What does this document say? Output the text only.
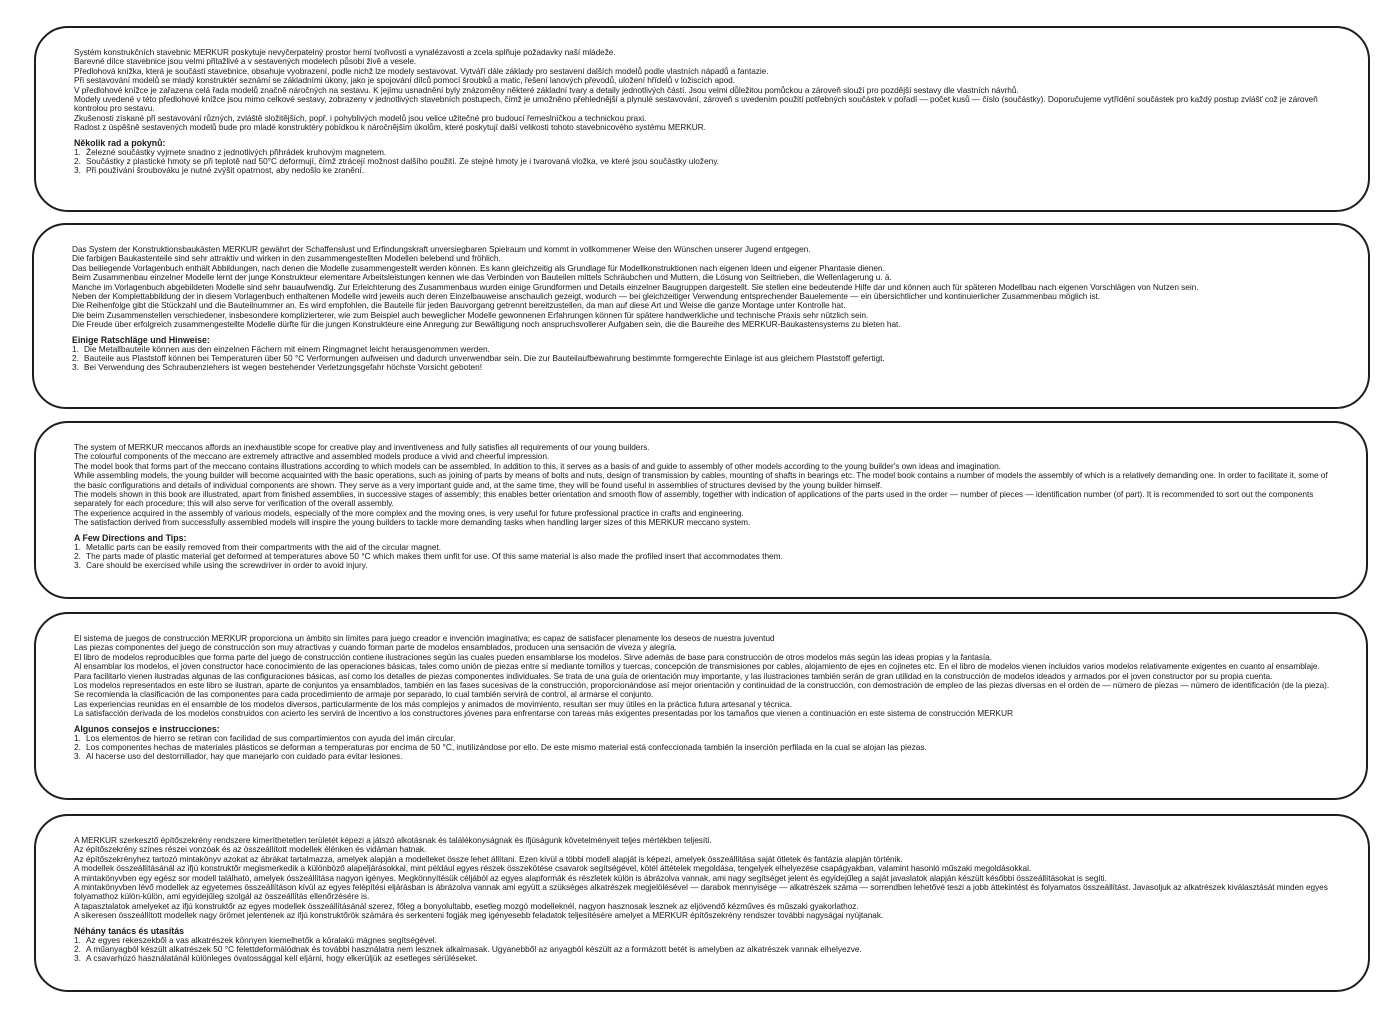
Systém konstrukčních stavebnic MERKUR poskytuje nevyčerpatelný prostor herní tvořivosti a vynalézavosti a zcela splňuje požadavky naší mládeže.

Barevné dílce stavebnice jsou velmi přitažlivé a v sestavených modelech působí živě a vesele.

Předlohová knížka, která je součástí stavebnice, obsahuje vyobrazení, podle nichž lze modely sestavovat. Vytváří dále základy pro sestavení dalších modelů podle vlastních nápadů a fantazie.

Při sestavování modelů se mladý konstruktér seznámí se základními úkony, jako je spojování dílců pomocí šroubků a matic, řešení lanových převodů, uložení hřídelů v ložiscích apod.

V předlohové knížce je zařazena celá řada modelů značně náročných na sestavu. K jejímu usnadnění byly znázorněny některé základní tvary a detaily jednotlivých částí. Jsou velmi důležitou pomůckou a zároveň slouží pro pozdější sestavy dle vlastních návrhů.

Modely uvedené v této předlohové knížce jsou mimo celkové sestavy, zobrazeny v jednotlivých stavebních postupech, čímž je umožněno přehlednější a plynulé sestavování, zároveň s uvedením použití potřebných součástek v pořadí — počet kusů — číslo (součástky). Doporučujeme vytřídění součástek pro každý postup zvlášť což je zároveň kontrolou pro sestavu.

Zkušenosti získané při sestavování různých, zvláště složitějších, popř. i pohyblivých modelů jsou velice užitečné pro budoucí řemeslníčkou a technickou praxi.

Radost z úspěšně sestavených modelů bude pro mladé konstruktéry pobídkou k náročnějším úkolům, které poskytují další velikosti tohoto stavebnicového systému MERKUR.

Několik rad a pokynů:

1. Železné součástky vyjmete snadno z jednotlivých přihrádek kruhovým magnetem.

2. Součástky z plastické hmoty se při teplotě nad 50°C deformují, čímž ztrácejí možnost dalšího použití. Ze stejné hmoty je i tvarovaná vložka, ve které jsou součástky uloženy.

3. Při používání šroubováku je nutné zvýšit opatrnost, aby nedošlo ke zranění.

Das System der Konstruktionsbaukästen MERKUR gewährt der Schaffenslust und Erfindungskraft unversiegbaren Spielraum und kommt in vollkommener Weise den Wünschen unserer Jugend entgegen.

Die farbigen Baukastenteile sind sehr attraktiv und wirken in den zusammengestellten Modellen belebend und fröhlich.

Das beiliegende Vorlagenbuch enthält Abbildungen, nach denen die Modelle zusammengestellt werden können. Es kann gleichzeitig als Grundlage für Modellkonstruktionen nach eigenen Ideen und eigener Phantasie dienen.

Beim Zusammenbau einzelner Modelle lernt der junge Konstrukteur elementare Arbeitsleistungen kennen wie das Verbinden von Bauteilen mittels Schräubchen und Muttern, die Lösung von Seiltrieben, die Wellenlagerung u. ä.

Manche im Vorlagenbuch abgebildeten Modelle sind sehr bauaufwendig. Zur Erleichterung des Zusammenbaus wurden einige Grundformen und Details einzelner Baugruppen dargestellt. Sie stellen eine bedeutende Hilfe dar und können auch für späteren Modellbau nach eigenen Vorschlägen von Nutzen sein.

Neben der Komplettabbildung der in diesem Vorlagenbuch enthaltenen Modelle wird jeweils auch deren Einzelbauweise anschaulich gezeigt, wodurch — bei gleichzeitiger Verwendung entsprechender Bauelemente — ein übersichtlicher und kontinuierlicher Zusammenbau möglich ist.

Die Reihenfolge gibt die Stückzahl und die Bauteilnummer an. Es wird empfohlen, die Bauteile für jeden Bauvorgang getrennt bereitzustellen, da man auf diese Art und Weise die ganze Montage unter Kontrolle hat.

Die beim Zusammenstellen verschiedener, insbesondere komplizierterer, wie zum Beispiel auch beweglicher Modelle gewonnenen Erfahrungen können für spätere handwerkliche und technische Praxis sehr nützlich sein.

Die Freude über erfolgreich zusammengestellte Modelle dürfte für die jungen Konstrukteure eine Anregung zur Bewältigung noch anspruchsvollerer Aufgaben sein, die die Baureihe des MERKUR-Baukastensystems zu bieten hat.

Einige Ratschläge und Hinweise:

1. Die Metallbauteile können aus den einzelnen Fächern mit einem Ringmagnet leicht herausgenommen werden.

2. Bauteile aus Plaststoff können bei Temperaturen über 50 °C Verformungen aufweisen und dadurch unverwendbar sein. Die zur Bauteilaufbewahrung bestimmte formgerechte Einlage ist aus gleichem Plaststoff gefertigt.

3. Bei Verwendung des Schraubenziehers ist wegen bestehender Verletzungsgefahr höchste Vorsicht geboten!

The system of MERKUR meccanos affords an inexhaustible scope for creative play and inventiveness and fully satisfies all requirements of our young builders.

The colourful components of the meccano are extremely attractive and assembled models produce a vivid and cheerful impression.

The model book that forms part of the meccano contains illustrations according to which models can be assembled. In addition to this, it serves as a basis of and guide to assembly of other models according to the young builder's own ideas and imagination.

While assembling models, the young builder will become acquainted with the basic operations, such as joining of parts by means of bolts and nuts, design of transmission by cables, mounting of shafts in bearings etc. The model book contains a number of models the assembly of which is a relatively demanding one. In order to facilitate it, some of the basic configurations and details of individual components are shown. They serve as a very important guide and, at the same time, they will be found useful in assemblies of structures devised by the young builder himself.

The models shown in this book are illustrated, apart from finished assemblies, in successive stages of assembly; this enables better orientation and smooth flow of assembly, together with indication of applications of the parts used in the order — number of pieces — identification number (of part). It is recommended to sort out the components separately for each procedure; this will also serve for verification of the overall assembly.

The experience acquired in the assembly of various models, especially of the more complex and the moving ones, is very useful for future professional practice in crafts and engineering.

The satisfaction derived from successfully assembled models will inspire the young builders to tackle more demanding tasks when handling larger sizes of this MERKUR meccano system.

A Few Directions and Tips:

1. Metallic parts can be easily removed from their compartments with the aid of the circular magnet.

2. The parts made of plastic material get deformed at temperatures above 50 °C which makes them unfit for use. Of this same material is also made the profiled insert that accommodates them.

3. Care should be exercised while using the screwdriver in order to avoid injury.

El sistema de juegos de construcción MERKUR proporciona un ámbito sin límites para juego creador e invención imaginativa; es capaz de satisfacer plenamente los deseos de nuestra juventud

Las piezas componentes del juego de construcción son muy atractivas y cuando forman parte de modelos ensamblados, producen una sensación de viveza y alegría.

El libro de modelos reproducibles que forma parte del juego de construcción contiene ilustraciones según las cuales pueden ensamblarse los modelos. Sirve además de base para construcción de otros modelos más según las ideas propias y la fantasía.

Al ensamblar los modelos, el joven constructor hace conocimiento de las operaciones básicas, tales como unión de piezas entre sí mediante tornillos y tuercas, concepción de transmisiones por cables, alojamiento de ejes en cojinetes etc. En el libro de modelos vienen incluidos varios modelos relativamente exigentes en cuanto al ensamblaje. Para facilitarlo vienen ilustradas algunas de las configuraciones básicas, así como los detalles de piezas componentes individuales. Se trata de una guía de orientación muy importante, y las ilustraciones también serán de gran utilidad en la construcción de modelos ideados y armados por el joven constructor por su propia cuenta.

Los modelos representados en este libro se ilustran, aparte de conjuntos ya ensamblados, también en las fases sucesivas de la construcción, proporcionándose así mejor orientación y continuidad de la construcción, con demostración de empleo de las piezas diversas en el orden de — número de piezas — número de identificación (de la pieza). Se recomienda la clasificación de las componentes para cada procedimiento de armaje por separado, lo cual también servirá de control, al armarse el conjunto.

Las experiencias reunidas en el ensamble de los modelos diversos, particularmente de los más complejos y animados de movimiento, resultan ser muy útiles en la práctica futura artesanal y técnica.

La satisfacción derivada de los modelos construidos con acierto les servirá de incentivo a los constructores jóvenes para enfrentarse con tareas más exigentes presentadas por los tamaños que vienen a continuación en este sistema de construcción MERKUR

Algunos consejos e instrucciones:

1. Los elementos de hierro se retiran con facilidad de sus compartimientos con ayuda del imán circular.

2. Los componentes hechas de materiales plásticos se deforman a temperaturas por encima de 50 °C, inutilizándose por ello. De este mismo material está confeccionada también la inserción perfilada en la cual se alojan las piezas.

3. Al hacerse uso del destornillador, hay que manejarlo con cuidado para evitar lesiones.

A MERKUR szerkesztő építőszekrény rendszere kimeríthetetlen területét képezi a játszó alkotásnak és találékonyságnak és ifjúságunk követelményeit teljes mértékben teljesíti.

Az építőszekrény színes részei vonzóak és az összeállított modellek élénken és vidáman hatnak.

Az építőszekrényhez tartozó mintakönyv azokat az ábrákat tartalmazza, amelyek alapján a modelleket össze lehet állítani. Ezen kívül a többi modell alapját is képezi, amelyek összeállítása saját ötletek és fantázia alapján történik.

A modellek összeállításánál az ifjú konstruktőr megismerkedik a különböző alapeljárásokkal, mint például egyes részek összekötése csavarok segítségével, kötél áttételek megoldása, tengelyek elhelyezése csapágyakban, valamint hasonló műszaki megoldásokkal.

A mintakönyvben egy egész sor modell található, amelyek összeállítása nagyon igényes. Megkönnyítésük céljából az egyes alapformák és részletek külön is ábrázolva vannak, ami nagy segítséget jelent és egyidejűleg a saját javaslatok alapján készült későbbi összeállításokat is segíti.

A mintakönyvben lévő modellek az egyetemes összeállításon kívül az egyes felépítési eljárásban is ábrázolva vannak ami együtt a szükséges alkatrészek megjelölésével — darabok mennyisége — alkatrészek száma — sorrendben lehetővé teszi a jobb áttekintést és folyamatos összeállítást. Javasoljuk az alkatrészek kiválasztását minden egyes folyamathoz külön-külön, ami egyidejűleg szolgál az összeállítás ellenőrzésére is.

A tapasztalatok amelyeket az ifjú konstruktőr az egyes modellek összeállításánál szerez, főleg a bonyolultabb, esetleg mozgó modelleknél, nagyon hasznosak lesznek az eljövendő kézműves és műszaki gyakorlathoz.

A sikeresen összeállított modellek nagy örömet jelentenek az ifjú konstruktőrök számára és serkenteni fogják meg igényesebb feladatok teljesítésére amelyet a MERKUR építőszekrény rendszer további nagyságai nyújtanak.

Néhány tanács és utasítás

1. Az egyes rekeszekből a vas alkatrészek könnyen kiemelhetők a köralakú mágnes segítségével.

2. A műanyagból készült alkatrészek 50 °C felettdeformálódnak és további használatra nem lesznek alkalmasak. Ugyanebből az anyagból készült az a formázott betét is amelyben az alkatrészek vannak elhelyezve.

3. A csavarhúzó használatánál különleges óvatossággal kell eljárni, hogy elkerüljük az esetleges sérüléseket.
